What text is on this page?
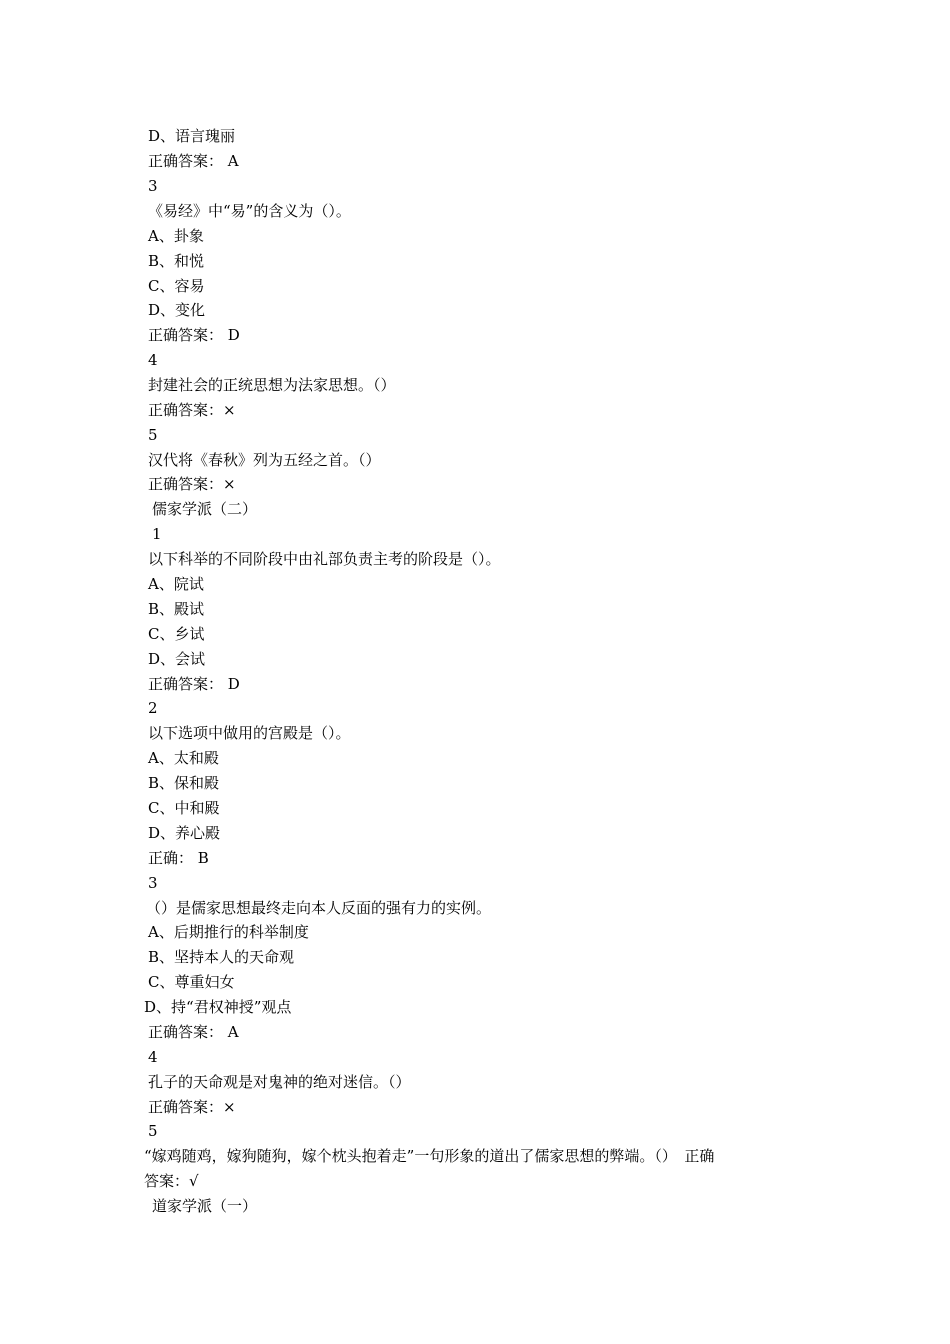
D、语言瑰丽
正确答案： A
3
《易经》中“易”的含义为（）。
A、卦象
B、和悦
C、容易
D、变化
正确答案： D
4
封建社会的正统思想为法家思想。（）
正确答案：×
5
汉代将《春秋》列为五经之首。（）
正确答案：×
儒家学派（二）
1
以下科举的不同阶段中由礼部负责主考的阶段是（）。
A、院试
B、殿试
C、乡试
D、会试
正确答案： D
2
以下选项中做用的宫殿是（）。
A、太和殿
B、保和殿
C、中和殿
D、养心殿
正确： B
3
（）是儒家思想最终走向本人反面的强有力的实例。
A、后期推行的科举制度
B、坚持本人的天命观
C、尊重妇女
D、持“君权神授”观点
正确答案： A
4
孔子的天命观是对鬼神的绝对迷信。（）
正确答案：×
5
“嫁鸡随鸡，嫁狗随狗，嫁个枕头抱着走”一句形象的道出了儒家思想的弊端。（）　正确
答案：√
道家学派（一）
